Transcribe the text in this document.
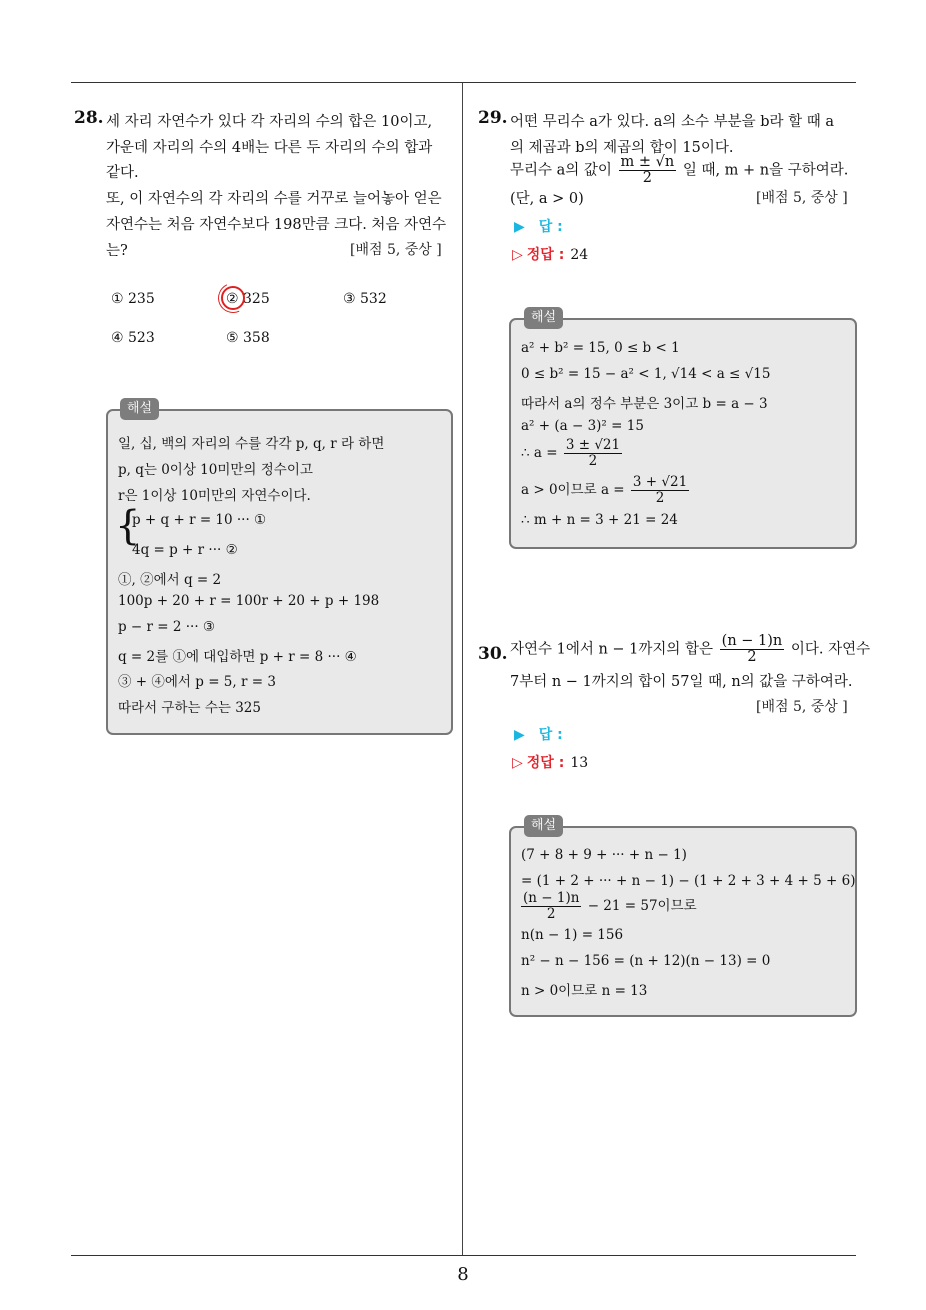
8
28. 세 자리 자연수가 있다 각 자리의 수의 합은 10이고,
가운데 자리의 수의 4배는 다른 두 자리의 수의 합과
같다.
또, 이 자연수의 각 자리의 수를 거꾸로 늘어놓아 얻은
자연수는 처음 자연수보다 198만큼 크다. 처음 자연수
는?	[배점 5, 중상 ]
① 235	② 325	③ 532
④ 523	⑤ 358
해설
일, 십, 백의 자리의 수를 각각 p, q, r 라 하면
p, q는 0이상 10미만의 정수이고
r은 1이상 10미만의 자연수이다.
{
p + q + r = 10 ··· ①
4q = p + r ··· ②
①, ②에서 q = 2
100p + 20 + r = 100r + 20 + p + 198
p − r = 2 ··· ③
q = 2를 ①에 대입하면 p + r = 8 ··· ④
③ + ④에서 p = 5, r = 3
따라서 구하는 수는 325
29. 어떤 무리수 a가 있다. a의 소수 부분을 b라 할 때 a
의 제곱과 b의 제곱의 합이 15이다.
무리수 a의 값이 $\frac{m \pm √n}{2}$ 일 때, m + n을 구하여라.
(단, a > 0)	[배점 5, 중상 ]
▶ 답 :
▷ 정답 : 24
해설
a² + b² = 15, 0 ≤ b < 1
0 ≤ b² = 15 − a² < 1, √14 < a ≤ √15
따라서 a의 정수 부분은 3이고 b = a − 3
a² + (a − 3)² = 15
∴ $a = \frac{3 \pm √21}{2}$
a > 0이므로 $a = \frac{3 + √21}{2}$
∴ m + n = 3 + 21 = 24
30. 자연수 1에서 n − 1까지의 합은 $\frac{(n - 1)n}{2}$ 이다. 자연수
7부터 n − 1까지의 합이 57일 때, n의 값을 구하여라.
[배점 5, 중상 ]
▶ 답 :
▷ 정답 : 13
해설
(7 + 8 + 9 + ··· + n − 1)
= (1 + 2 + ··· + n − 1) − (1 + 2 + 3 + 4 + 5 + 6)
$\frac{(n - 1)n}{2} - 21 = 57$이므로
n(n − 1) = 156
n² − n − 156 = (n + 12)(n − 13) = 0
n > 0이므로 n = 13
